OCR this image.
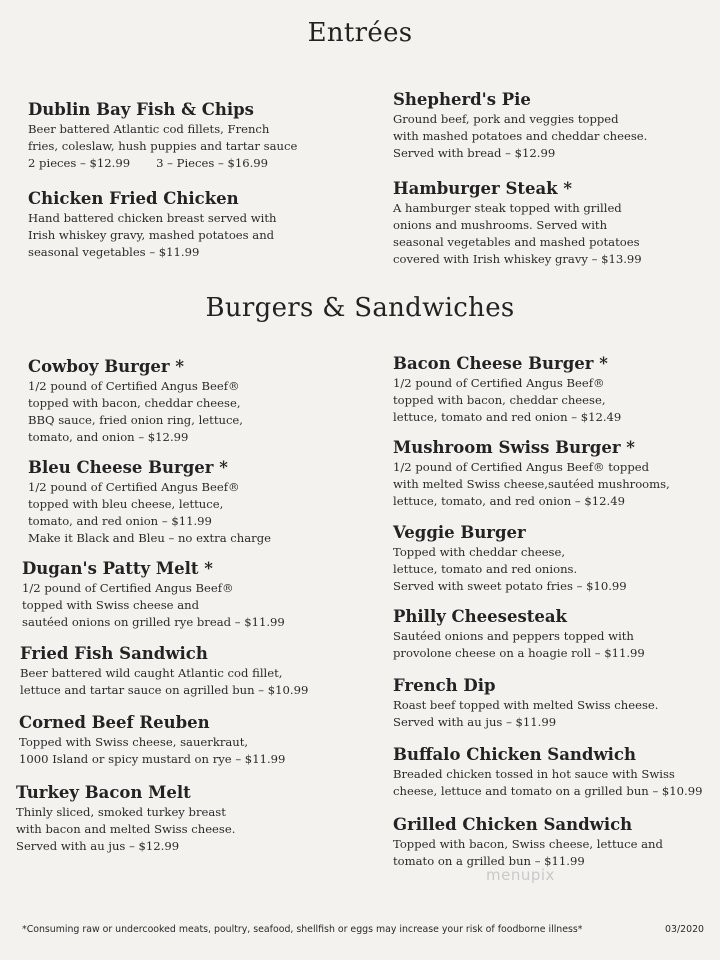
Entrées
Dublin Bay Fish & Chips
Beer battered Atlantic cod fillets, French
fries, coleslaw, hush puppies and tartar sauce
2 pieces – $12.99 3 – Pieces – $16.99
Chicken Fried Chicken
Hand battered chicken breast served with
Irish whiskey gravy, mashed potatoes and
seasonal vegetables – $11.99
Shepherd's Pie
Ground beef, pork and veggies topped
with mashed potatoes and cheddar cheese.
Served with bread – $12.99
Hamburger Steak *
A hamburger steak topped with grilled
onions and mushrooms. Served with
seasonal vegetables and mashed potatoes
covered with Irish whiskey gravy – $13.99
Burgers & Sandwiches
Cowboy Burger *
1/2 pound of Certified Angus Beef®
topped with bacon, cheddar cheese,
BBQ sauce, fried onion ring, lettuce,
tomato, and onion – $12.99
Bleu Cheese Burger *
1/2 pound of Certified Angus Beef®
topped with bleu cheese, lettuce,
tomato, and red onion – $11.99
Make it Black and Bleu – no extra charge
Dugan's Patty Melt *
1/2 pound of Certified Angus Beef®
topped with Swiss cheese and
sautéed onions on grilled rye bread – $11.99
Fried Fish Sandwich
Beer battered wild caught Atlantic cod fillet,
lettuce and tartar sauce on agrilled bun – $10.99
Corned Beef Reuben
Topped with Swiss cheese, sauerkraut,
1000 Island or spicy mustard on rye – $11.99
Turkey Bacon Melt
Thinly sliced, smoked turkey breast
with bacon and melted Swiss cheese.
Served with au jus – $12.99
Bacon Cheese Burger *
1/2 pound of Certified Angus Beef®
topped with bacon, cheddar cheese,
lettuce, tomato and red onion – $12.49
Mushroom Swiss Burger *
1/2 pound of Certified Angus Beef® topped
with melted Swiss cheese,sautéed mushrooms,
lettuce, tomato, and red onion – $12.49
Veggie Burger
Topped with cheddar cheese,
lettuce, tomato and red onions.
Served with sweet potato fries – $10.99
Philly Cheesesteak
Sautéed onions and peppers topped with
provolone cheese on a hoagie roll – $11.99
French Dip
Roast beef topped with melted Swiss cheese.
Served with au jus – $11.99
Buffalo Chicken Sandwich
Breaded chicken tossed in hot sauce with Swiss
cheese, lettuce and tomato on a grilled bun – $10.99
Grilled Chicken Sandwich
Topped with bacon, Swiss cheese, lettuce and
tomato on a grilled bun – $11.99
menupix
*Consuming raw or undercooked meats, poultry, seafood, shellfish or eggs may increase your risk of foodborne illness*	03/2020
